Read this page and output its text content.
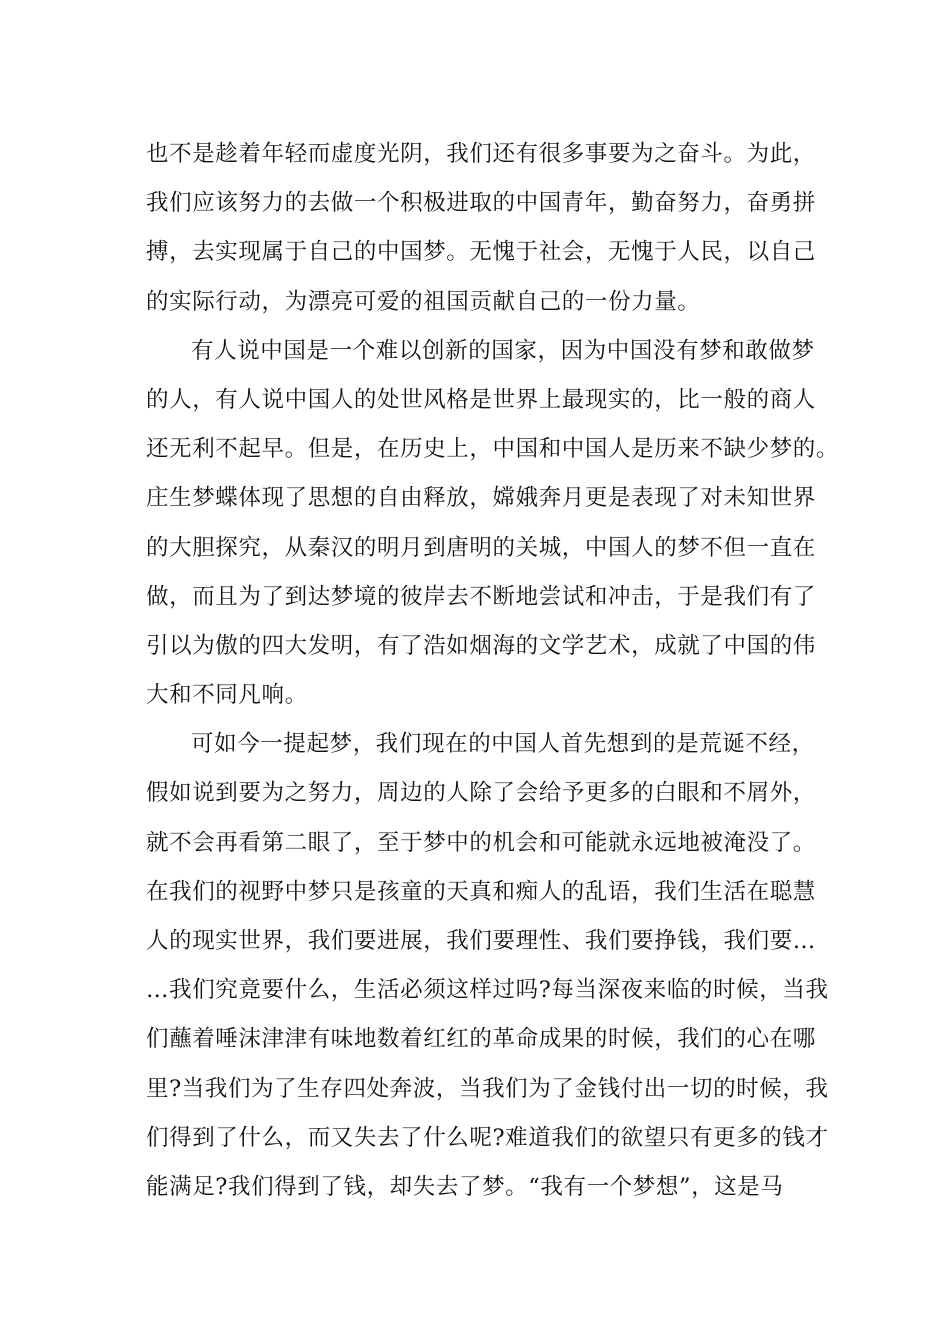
也不是趁着年轻而虚度光阴，我们还有很多事要为之奋斗。为此，
我们应该努力的去做一个积极进取的中国青年，勤奋努力，奋勇拼
搏，去实现属于自己的中国梦。无愧于社会，无愧于人民，以自己
的实际行动，为漂亮可爱的祖国贡献自己的一份力量。
有人说中国是一个难以创新的国家，因为中国没有梦和敢做梦
的人，有人说中国人的处世风格是世界上最现实的，比一般的商人
还无利不起早。但是，在历史上，中国和中国人是历来不缺少梦的。
庄生梦蝶体现了思想的自由释放，嫦娥奔月更是表现了对未知世界
的大胆探究，从秦汉的明月到唐明的关城，中国人的梦不但一直在
做，而且为了到达梦境的彼岸去不断地尝试和冲击，于是我们有了
引以为傲的四大发明，有了浩如烟海的文学艺术，成就了中国的伟
大和不同凡响。
可如今一提起梦，我们现在的中国人首先想到的是荒诞不经，
假如说到要为之努力，周边的人除了会给予更多的白眼和不屑外，
就不会再看第二眼了，至于梦中的机会和可能就永远地被淹没了。
在我们的视野中梦只是孩童的天真和痴人的乱语，我们生活在聪慧
人的现实世界，我们要进展，我们要理性、我们要挣钱，我们要…
…我们究竟要什么，生活必须这样过吗?每当深夜来临的时候，当我
们蘸着唾沫津津有味地数着红红的革命成果的时候，我们的心在哪
里?当我们为了生存四处奔波，当我们为了金钱付出一切的时候，我
们得到了什么，而又失去了什么呢?难道我们的欲望只有更多的钱才
能满足?我们得到了钱，却失去了梦。“我有一个梦想”，这是马
